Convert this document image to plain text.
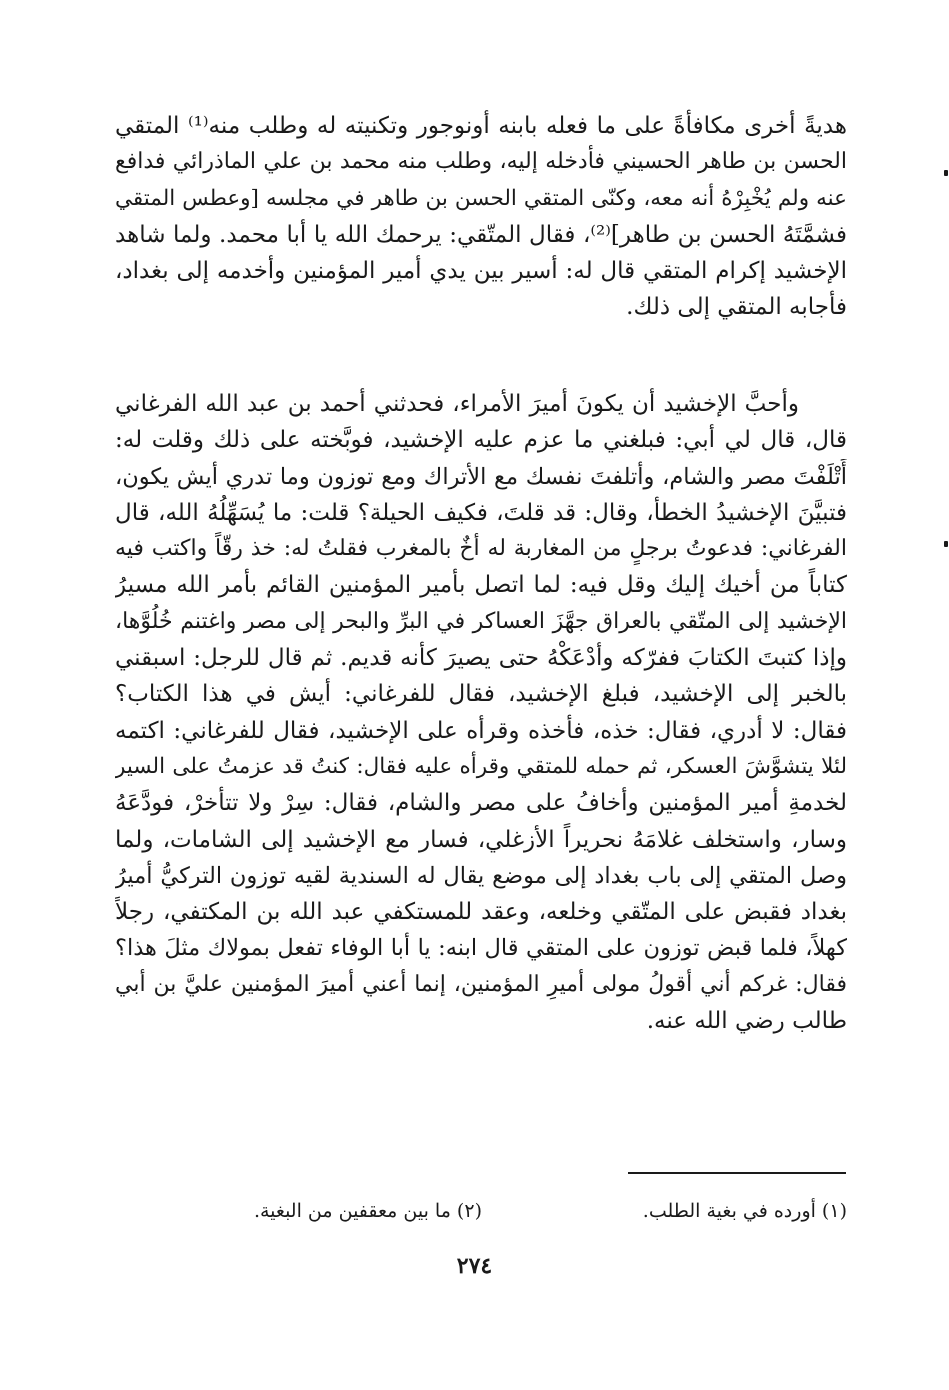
هديةً أخرى مكافأةً على ما فعله بابنه أونوجور وتكنيته له وطلب منه⁽¹⁾ المتقي
الحسن بن طاهر الحسيني فأدخله إليه، وطلب منه محمد بن علي الماذرائي فدافع
عنه ولم يُخْبِرْهُ أنه معه، وكنّى المتقي الحسن بن طاهر في مجلسه [وعطس المتقي
فشمَّتَهُ الحسن بن طاهر]⁽²⁾، فقال المتّقي: يرحمك الله يا أبا محمد. ولما شاهد
الإخشيد إكرام المتقي قال له: أسير بين يدي أمير المؤمنين وأخدمه إلى بغداد،
فأجابه المتقي إلى ذلك.
وأحبَّ الإخشيد أن يكونَ أميرَ الأمراء، فحدثني أحمد بن عبد الله الفرغاني
قال، قال لي أبي: فبلغني ما عزم عليه الإخشيد، فوبَّخته على ذلك وقلت له:
أَتْلَفْتَ مصر والشام، وأتلفتَ نفسك مع الأتراك ومع توزون وما تدري أيش يكون،
فتبيَّنَ الإخشيدُ الخطأ، وقال: قد قلتَ، فكيف الحيلة؟ قلت: ما يُسَهِّلُهُ الله، قال
الفرغاني: فدعوتُ برجلٍ من المغاربة له أخٌ بالمغرب فقلتُ له: خذ رقّاً واكتب فيه
كتاباً من أخيك إليك وقل فيه: لما اتصل بأمير المؤمنين القائم بأمر الله مسيرُ
الإخشيد إلى المتّقي بالعراق جهَّزَ العساكر في البرِّ والبحر إلى مصر واغتنم خُلُوَّها،
وإذا كتبتَ الكتابَ ففرّكه وأدْعَكْهُ حتى يصيرَ كأنه قديم. ثم قال للرجل: اسبقني
بالخبر إلى الإخشيد، فبلغ الإخشيد، فقال للفرغاني: أيش في هذا الكتاب؟
فقال: لا أدري، فقال: خذه، فأخذه وقرأه على الإخشيد، فقال للفرغاني: اكتمه
لئلا يتشوَّشَ العسكر، ثم حمله للمتقي وقرأه عليه فقال: كنتُ قد عزمتُ على السير
لخدمةِ أمير المؤمنين وأخافُ على مصر والشام، فقال: سِرْ ولا تتأخرْ، فودَّعَهُ
وسار، واستخلف غلامَهُ نحريراً الأزغلي، فسار مع الإخشيد إلى الشامات، ولما
وصل المتقي إلى باب بغداد إلى موضع يقال له السندية لقيه توزون التركيُّ أميرُ
بغداد فقبض على المتّقي وخلعه، وعقد للمستكفي عبد الله بن المكتفي، رجلاً
كهلاً، فلما قبض توزون على المتقي قال ابنه: يا أبا الوفاء تفعل بمولاك مثلَ هذا؟
فقال: غركم أني أقولُ مولى أميرِ المؤمنين، إنما أعني أميرَ المؤمنين عليَّ بن أبي
طالب رضي الله عنه.
(١) أورده في بغية الطلب.
(٢) ما بين معقفين من البغية.
٢٧٤
